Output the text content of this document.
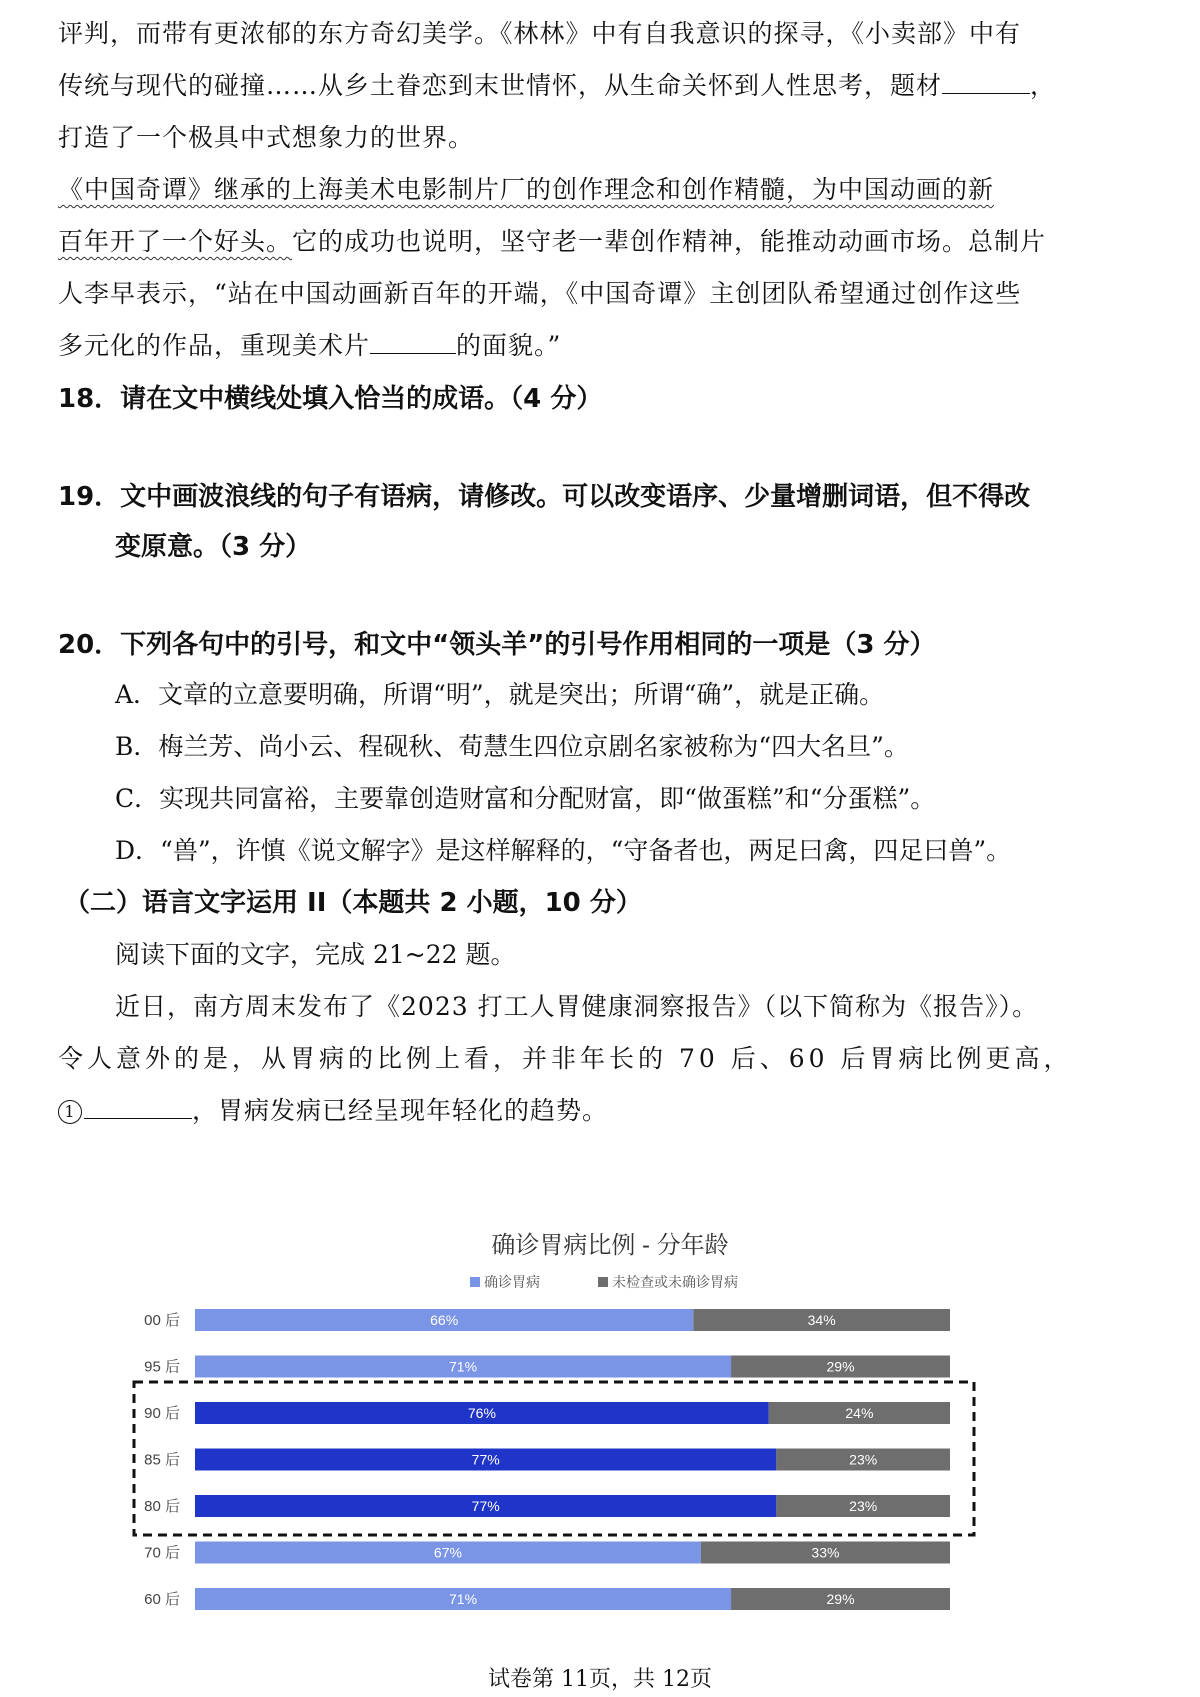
评判，而带有更浓郁的东方奇幻美学。《林林》中有自我意识的探寻，《小卖部》中有
传统与现代的碰撞……从乡土眷恋到末世情怀，从生命关怀到人性思考，题材	，
打造了一个极具中式想象力的世界。
《中国奇谭》继承的上海美术电影制片厂的创作理念和创作精髓，为中国动画的新
百年开了一个好头。它的成功也说明，坚守老一辈创作精神，能推动动画市场。总制片
人李早表示，“站在中国动画新百年的开端，《中国奇谭》主创团队希望通过创作这些
多元化的作品，重现美术片	的面貌。”
18．请在文中横线处填入恰当的成语。（4 分）
19．文中画波浪线的句子有语病，请修改。可以改变语序、少量增删词语，但不得改
变原意。（3 分）
20．下列各句中的引号，和文中“领头羊”的引号作用相同的一项是（3 分）
A．文章的立意要明确，所谓“明”，就是突出；所谓“确”，就是正确。
B．梅兰芳、尚小云、程砚秋、荀慧生四位京剧名家被称为“四大名旦”。
C．实现共同富裕，主要靠创造财富和分配财富，即“做蛋糕”和“分蛋糕”。
D．“兽”，许慎《说文解字》是这样解释的，“守备者也，两足曰禽，四足曰兽”。
（二）语言文字运用 II（本题共 2 小题，10 分）
阅读下面的文字，完成 21~22 题。
近日，南方周末发布了《2023 打工人胃健康洞察报告》（以下简称为《报告》）。
令人意外的是，从胃病的比例上看，并非年长的 70 后、60 后胃病比例更高，
1	，胃病发病已经呈现年轻化的趋势。
确诊胃病比例 - 分年龄
确诊胃病	未检查或未确诊胃病
00 后	66%	34%
95 后	71%	29%
90 后	76%	24%
85 后	77%	23%
80 后	77%	23%
70 后	67%	33%
60 后	71%	29%
试卷第 11页，共 12页
